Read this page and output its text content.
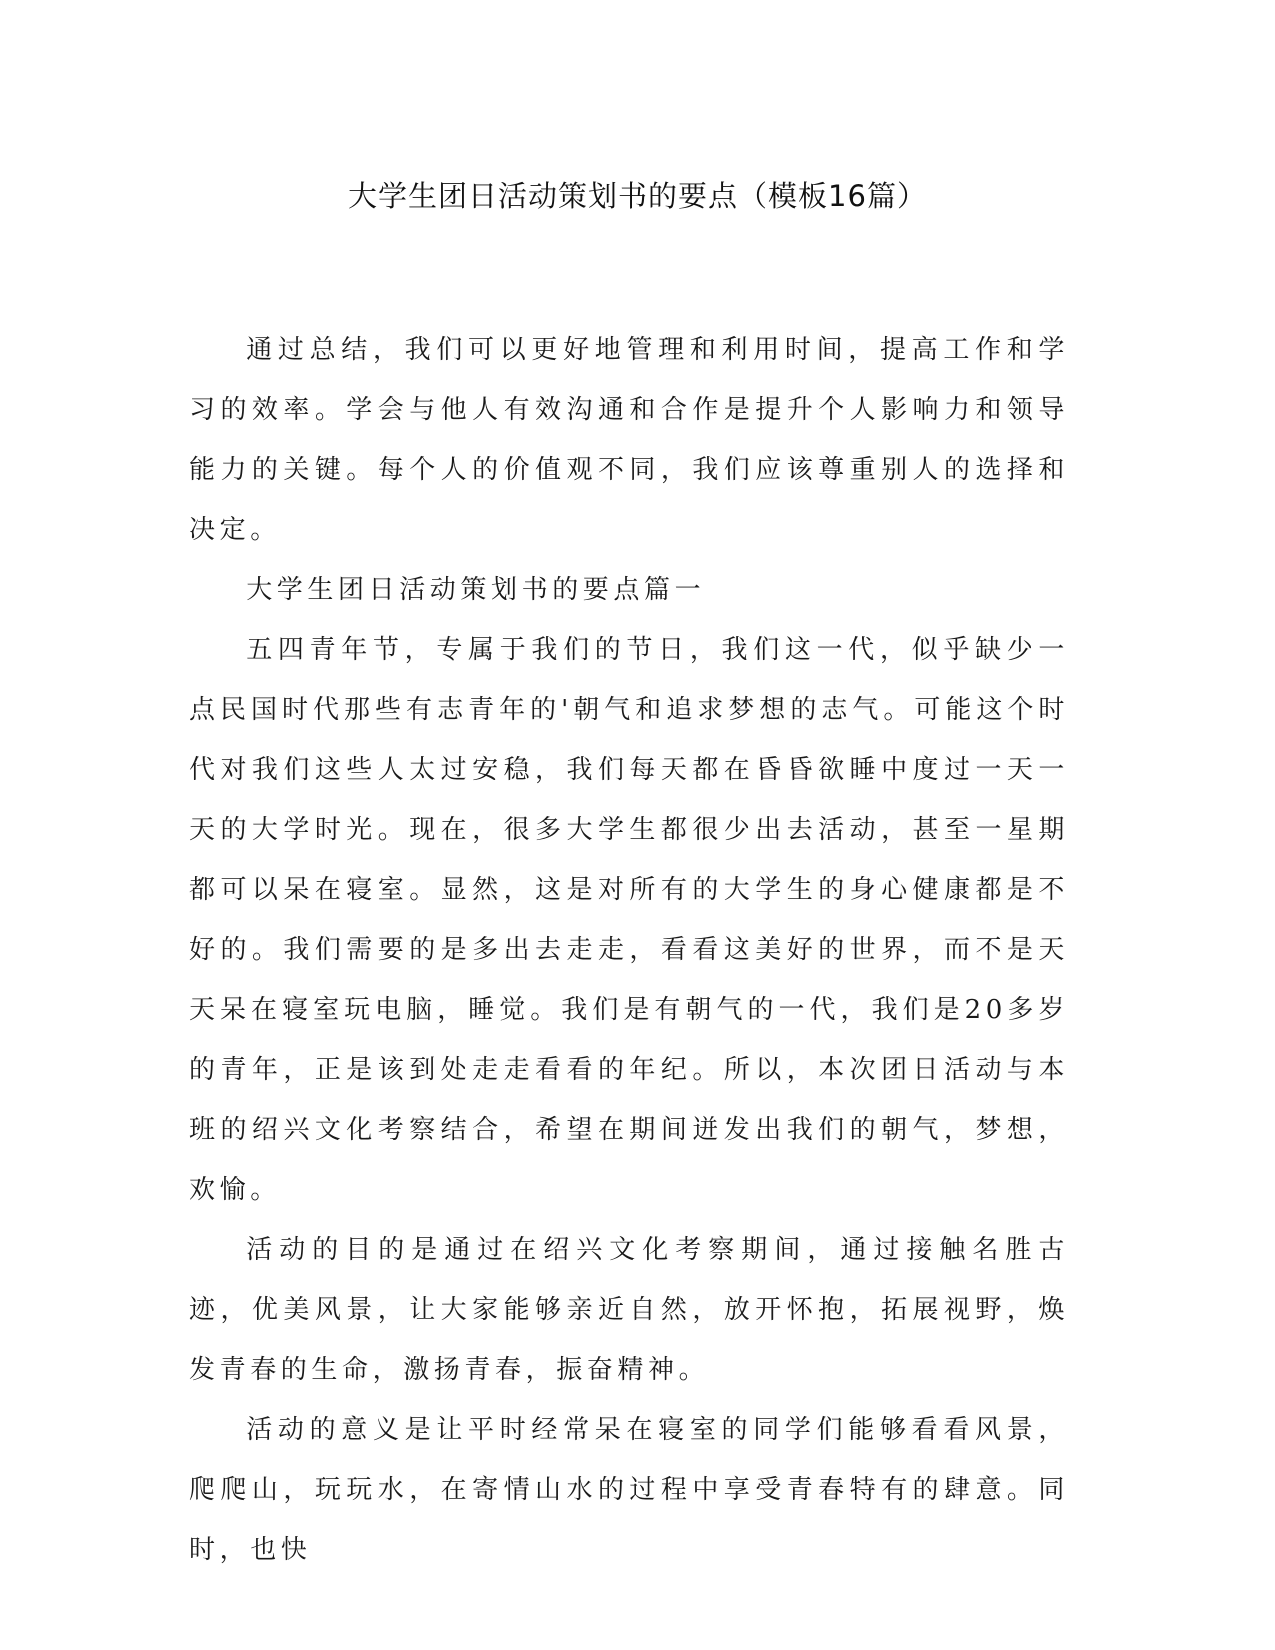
大学生团日活动策划书的要点（模板16篇）

通过总结，我们可以更好地管理和利用时间，提高工作和学习的效率。学会与他人有效沟通和合作是提升个人影响力和领导能力的关键。每个人的价值观不同，我们应该尊重别人的选择和决定。

大学生团日活动策划书的要点篇一

五四青年节，专属于我们的节日，我们这一代，似乎缺少一点民国时代那些有志青年的'朝气和追求梦想的志气。可能这个时代对我们这些人太过安稳，我们每天都在昏昏欲睡中度过一天一天的大学时光。现在，很多大学生都很少出去活动，甚至一星期都可以呆在寝室。显然，这是对所有的大学生的身心健康都是不好的。我们需要的是多出去走走，看看这美好的世界，而不是天天呆在寝室玩电脑，睡觉。我们是有朝气的一代，我们是20多岁的青年，正是该到处走走看看的年纪。所以，本次团日活动与本班的绍兴文化考察结合，希望在期间迸发出我们的朝气，梦想，欢愉。

活动的目的是通过在绍兴文化考察期间，通过接触名胜古迹，优美风景，让大家能够亲近自然，放开怀抱，拓展视野，焕发青春的生命，激扬青春，振奋精神。

活动的意义是让平时经常呆在寝室的同学们能够看看风景，爬爬山，玩玩水，在寄情山水的过程中享受青春特有的肆意。同时，也快
